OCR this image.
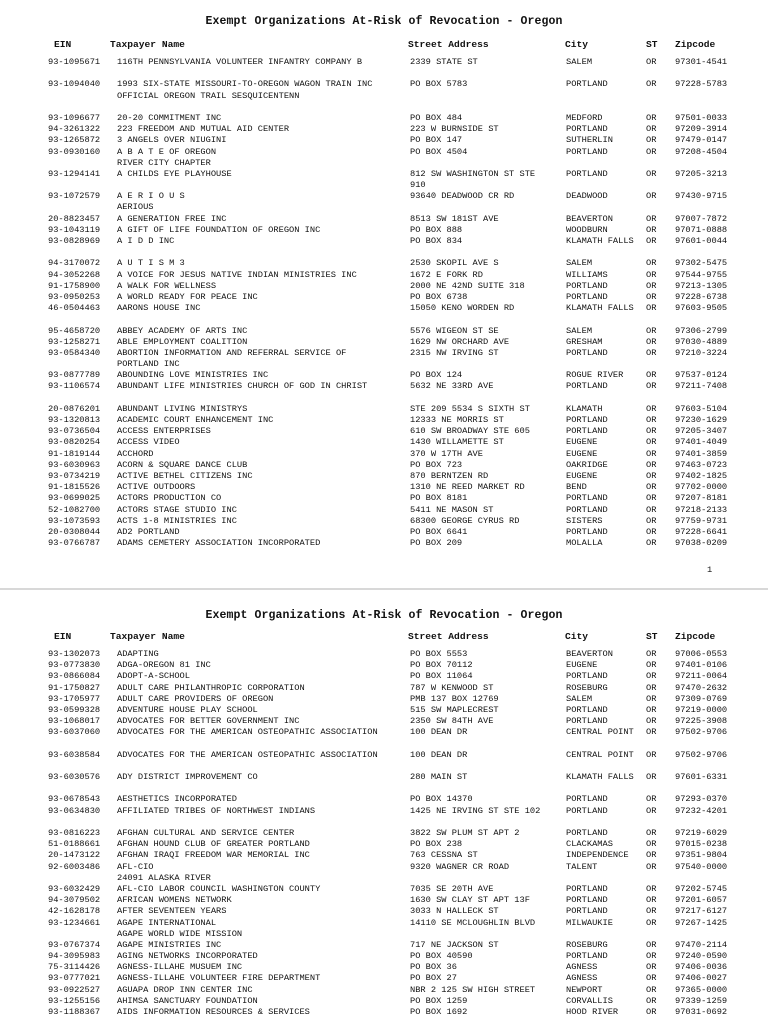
Exempt Organizations At-Risk of Revocation - Oregon
EIN	Taxpayer Name	Street Address	City	ST Zipcode
93-1095671 116TH PENNSYLVANIA VOLUNTEER INFANTRY COMPANY B	2339 STATE ST	SALEM	OR 97301-4541
93-1094040 1993 SIX-STATE MISSOURI-TO-OREGON WAGON TRAIN INC	PO BOX 5783	PORTLAND	OR 97228-5783
OFFICIAL OREGON TRAIL SESQUICENTENN
93-1096677 20-20 COMMITMENT INC	PO BOX 484	MEDFORD	OR 97501-0033
94-3261322 223 FREEDOM AND MUTUAL AID CENTER	223 W BURNSIDE ST	PORTLAND	OR 97209-3914
93-1265872 3 ANGELS OVER NIUGINI	PO BOX 147	SUTHERLIN	OR 97479-0147
93-0930160 A B A T E OF OREGON	PO BOX 4504	PORTLAND	OR 97208-4504
RIVER CITY CHAPTER
93-1294141 A CHILDS EYE PLAYHOUSE	812 SW WASHINGTON ST STE	PORTLAND	OR 97205-3213
910
93-1072579 A E R I O U S	93640 DEADWOOD CR RD	DEADWOOD	OR 97430-9715
AERIOUS
20-8823457 A GENERATION FREE INC	8513 SW 181ST AVE	BEAVERTON	OR 97007-7872
93-1043119 A GIFT OF LIFE FOUNDATION OF OREGON INC	PO BOX 888	WOODBURN	OR 97071-0888
93-0828969 A I D D INC	PO BOX 834	KLAMATH FALLS OR 97601-0044
94-3170072 A U T I S M 3	2530 SKOPIL AVE S	SALEM	OR 97302-5475
94-3052268 A VOICE FOR JESUS NATIVE INDIAN MINISTRIES INC	1672 E FORK RD	WILLIAMS	OR 97544-9755
91-1758900 A WALK FOR WELLNESS	2000 NE 42ND SUITE 318	PORTLAND	OR 97213-1305
93-0950253 A WORLD READY FOR PEACE INC	PO BOX 6738	PORTLAND	OR 97228-6738
46-0504463 AARONS HOUSE INC	15050 KENO WORDEN RD	KLAMATH FALLS OR 97603-9505
95-4658720 ABBEY ACADEMY OF ARTS INC	5576 WIGEON ST SE	SALEM	OR 97306-2799
93-1258271 ABLE EMPLOYMENT COALITION	1629 NW ORCHARD AVE	GRESHAM	OR 97030-4889
93-0584340 ABORTION INFORMATION AND REFERRAL SERVICE OF	2315 NW IRVING ST	PORTLAND	OR 97210-3224
PORTLAND INC
93-0877789 ABOUNDING LOVE MINISTRIES INC	PO BOX 124	ROGUE RIVER	OR 97537-0124
93-1106574 ABUNDANT LIFE MINISTRIES CHURCH OF GOD IN CHRIST	5632 NE 33RD AVE	PORTLAND	OR 97211-7408
20-0876201 ABUNDANT LIVING MINISTRYS	STE 209 5534 S SIXTH ST	KLAMATH	OR 97603-5104
93-1320813 ACADEMIC COURT ENHANCEMENT INC	12333 NE MORRIS ST	PORTLAND	OR 97230-1629
93-0736504 ACCESS ENTERPRISES	610 SW BROADWAY STE 605	PORTLAND	OR 97205-3407
93-0820254 ACCESS VIDEO	1430 WILLAMETTE ST	EUGENE	OR 97401-4049
91-1819144 ACCHORD	370 W 17TH AVE	EUGENE	OR 97401-3859
93-6030963 ACORN & SQUARE DANCE CLUB	PO BOX 723	OAKRIDGE	OR 97463-0723
93-0734219 ACTIVE BETHEL CITIZENS INC	870 BERNTZEN RD	EUGENE	OR 97402-1825
91-1815526 ACTIVE OUTDOORS	1310 NE REED MARKET RD	BEND	OR 97702-0000
93-0699025 ACTORS PRODUCTION CO	PO BOX 8181	PORTLAND	OR 97207-8181
52-1082700 ACTORS STAGE STUDIO INC	5411 NE MASON ST	PORTLAND	OR 97218-2133
93-1073593 ACTS 1-8 MINISTRIES INC	68300 GEORGE CYRUS RD	SISTERS	OR 97759-9731
20-0308044 AD2 PORTLAND	PO BOX 6641	PORTLAND	OR 97228-6641
93-0766787 ADAMS CEMETERY ASSOCIATION INCORPORATED	PO BOX 209	MOLALLA	OR 97038-0209
1
Exempt Organizations At-Risk of Revocation - Oregon
EIN	Taxpayer Name	Street Address	City	ST Zipcode
93-1302073 ADAPTING	PO BOX 5553	BEAVERTON	OR 97006-0553
93-0773830 ADGA-OREGON 81 INC	PO BOX 70112	EUGENE	OR 97401-0106
93-0866084 ADOPT-A-SCHOOL	PO BOX 11064	PORTLAND	OR 97211-0064
91-1750827 ADULT CARE PHILANTHROPIC CORPORATION	787 W KENWOOD ST	ROSEBURG	OR 97470-2632
93-1705977 ADULT CARE PROVIDERS OF OREGON	PMB 137 BOX 12769	SALEM	OR 97309-0769
93-0599328 ADVENTURE HOUSE PLAY SCHOOL	515 SW MAPLECREST	PORTLAND	OR 97219-0000
93-1068017 ADVOCATES FOR BETTER GOVERNMENT INC	2350 SW 84TH AVE	PORTLAND	OR 97225-3908
93-6037060 ADVOCATES FOR THE AMERICAN OSTEOPATHIC ASSOCIATION	100 DEAN DR	CENTRAL POINT OR 97502-9706
93-6038584 ADVOCATES FOR THE AMERICAN OSTEOPATHIC ASSOCIATION	100 DEAN DR	CENTRAL POINT OR 97502-9706
93-6030576 ADY DISTRICT IMPROVEMENT CO	280 MAIN ST	KLAMATH FALLS OR 97601-6331
93-0678543 AESTHETICS INCORPORATED	PO BOX 14370	PORTLAND	OR 97293-0370
93-0634830 AFFILIATED TRIBES OF NORTHWEST INDIANS	1425 NE IRVING ST STE 102	PORTLAND	OR 97232-4201
93-0816223 AFGHAN CULTURAL AND SERVICE CENTER	3822 SW PLUM ST APT 2	PORTLAND	OR 97219-6029
51-0188661 AFGHAN HOUND CLUB OF GREATER PORTLAND	PO BOX 238	CLACKAMAS	OR 97015-0238
20-1473122 AFGHAN IRAQI FREEDOM WAR MEMORIAL INC	763 CESSNA ST	INDEPENDENCE OR 97351-9804
92-6003486 AFL-CIO	9320 WAGNER CR ROAD	TALENT	OR 97540-0000
24091 ALASKA RIVER
93-6032429 AFL-CIO LABOR COUNCIL WASHINGTON COUNTY	7035 SE 20TH AVE	PORTLAND	OR 97202-5745
94-3079502 AFRICAN WOMENS NETWORK	1630 SW CLAY ST APT 13F	PORTLAND	OR 97201-6057
42-1628178 AFTER SEVENTEEN YEARS	3033 N HALLECK ST	PORTLAND	OR 97217-6127
93-1234661 AGAPE INTERNATIONAL	14110 SE MCLOUGHLIN BLVD	MILWAUKIE	OR 97267-1425
AGAPE WORLD WIDE MISSION
93-0767374 AGAPE MINISTRIES INC	717 NE JACKSON ST	ROSEBURG	OR 97470-2114
94-3095983 AGING NETWORKS INCORPORATED	PO BOX 40590	PORTLAND	OR 97240-0590
75-3114426 AGNESS-ILLAHE MUSUEM INC	PO BOX 36	AGNESS	OR 97406-0036
93-0777021 AGNESS-ILLAHE VOLUNTEER FIRE DEPARTMENT	PO BOX 27	AGNESS	OR 97406-0027
93-0922527 AGUAPA DROP INN CENTER INC	NBR 2 125 SW HIGH STREET	NEWPORT	OR 97365-0000
93-1255156 AHIMSA SANCTUARY FOUNDATION	PO BOX 1259	CORVALLIS	OR 97339-1259
93-1188367 AIDS INFORMATION RESOURCES & SERVICES	PO BOX 1692	HOOD RIVER	OR 97031-0692
